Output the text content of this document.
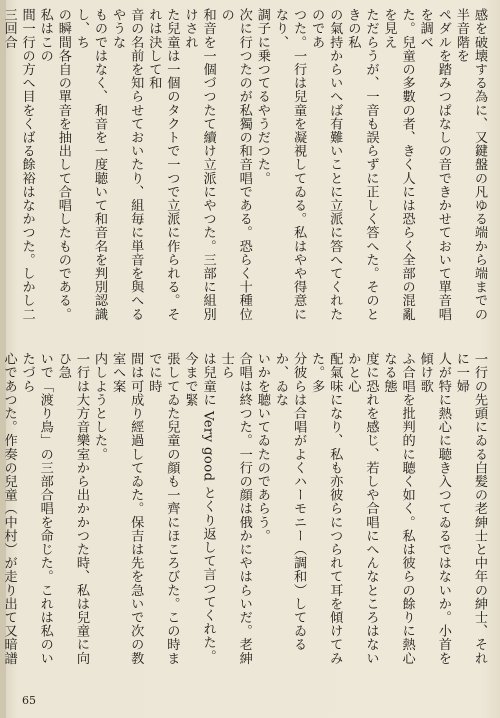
感を破壊する為に、又鍵盤の凡ゆる端から端までの半音階を

ペダルを踏みつぱなしの音できかせておいて單音唱を調べ

た。兒童の多數の者、きく人には恐らく全部の混亂を見え

ただらうが、一音も誤らずに正しく答へた。そのときの私

の氣持からいへば有難いことに立派に答へてくれたのであ

つた。一行は兒童を凝視してゐる。私はやや得意になり、

調子に乗つてるやうだつた。

次に行つたのが私獨の和音唱である。恐らく十種位の

和音を一個づつたて續け立派にやつた。三部に組別けされ

た兒童は一個のタクトで一つで立派に作られる。それは決して和

音の名前を知らせておいたり、組毎に単音を與へるやうな

ものではなく、和音を一度聴いて和音名を判別認識し、ち

の瞬間各自の單音を抽出して合唱したものである。私はこの

間一行の方へ目をくばる餘裕はなかつた。しかし二三回合

一行の先頭にゐる白髪の老紳士と中年の紳士、それに一婦

人が特に熱心に聴き入つてゐるではないか。小首を傾け歌

ふ合唱を批判的に聴く如く。私は彼らの餘りに熱心なる態

度に恐れを感じ、若しや合唱にへんなところはないかと心

配氣味になり、私も亦彼らにつられて耳を傾けてみた。多

分彼らは合唱がよくハーモニー（調和）してゐるか、ゐな

いかを聴いてゐたのであらう。

合唱は終つた。一行の顔は俄かにやはらいだ。老紳士ら

は兒童に Very good とくり返して言つてくれた。今まで緊

張してゐた兒童の顔も一齊にほころびた。この時までに時

間は可成り經過してゐた。保吉は先を急いで次の教室へ案

内しようとした。

一行は大方音樂室から出かかつた時、私は兒童に向ひ急

いで「渡り鳥」の三部合唱を命じた。これは私のいたづら

心であつた。作奏の兒童（中村）が走り出て又暗譜

65
